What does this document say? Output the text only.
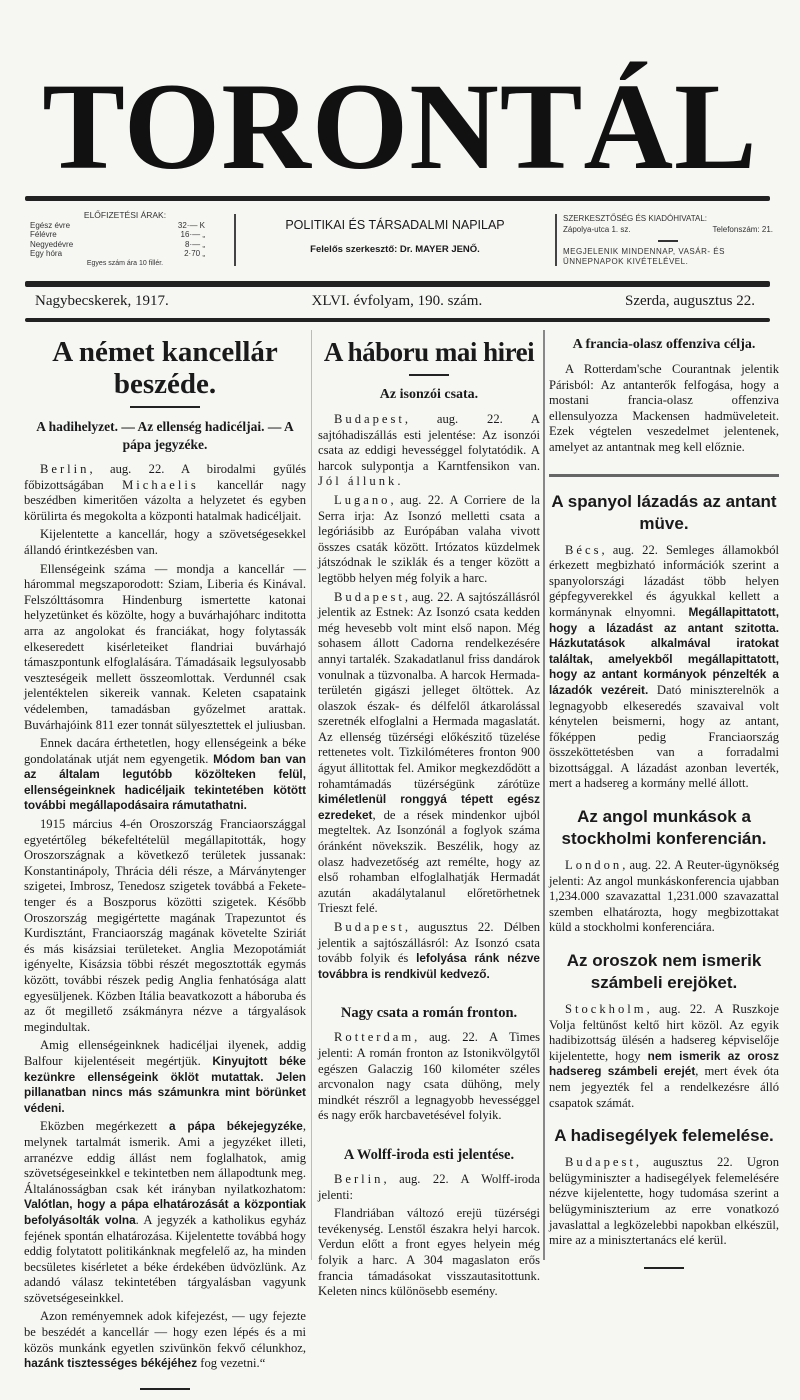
TORONTÁL
ELŐFIZETÉSI ÁRAK:
Egész évre	32·— K
Félévre	16·— „
Negyedévre	8·— „
Egy hóra	2·70 „
Egyes szám ára 10 fillér.
POLITIKAI ÉS TÁRSADALMI NAPILAP
Felelős szerkesztő: Dr. MAYER JENŐ.
SZERKESZTŐSÉG ÉS KIADÓHIVATAL:
Zápolya-utca 1. sz.	Telefonszám: 21.
MEGJELENIK MINDENNAP, VASÁR- ÉS ÜNNEPNAPOK KIVÉTELÉVEL.
Nagybecskerek, 1917.	XLVI. évfolyam, 190. szám.	Szerda, augusztus 22.
A német kancellár beszéde.
A hadihelyzet. — Az ellenség hadicéljai. — A pápa jegyzéke.

Berlin, aug. 22. A birodalmi gyűlés főbizottságában Michaelis kancellár nagy beszédben kimeritően vázolta a helyzetet és egyben körülirta és megokolta a központi hatalmak hadicéljait.

Kijelentette a kancellár, hogy a szövetségesekkel állandó érintkezésben van.

Ellenségeink száma — mondja a kancellár — hárommal megszaporodott: Sziam, Liberia és Kinával. Felszólttásomra Hindenburg ismertette katonai helyzetünket és közölte, hogy a buvárhajóharc inditotta arra az angolokat és franciákat, hogy folytassák elkeseredett kisérleteiket flandriai buvárhajó támaszpontunk elfoglalására. Támadásaik legsulyosabb veszteségeik mellett összeomlottak. Verdunnél csak jelentéktelen sikereik vannak. Keleten csapataink védelemben, tamadásban győzelmet arattak. Buvárhajóink 811 ezer tonnát sülyesztettek el juliusban.

Ennek dacára érthetetlen, hogy ellenségeink a béke gondolatának utját nem egyengetik. Módom ban van az általam legutóbb közölteken felül, ellenségeinknek hadicéljaik tekintetében kötött további megállapodásaira rámutathatni.

1915 március 4-én Oroszország Franciaországgal egyetértőleg békefeltételül megállapitották, hogy Oroszországnak a következő területek jussanak: Konstantinápoly, Thrácia déli része, a Márványtenger szigetei, Imbrosz, Tenedosz szigetek továbbá a Fekete-tenger és a Boszporus közötti szigetek. Később Oroszország megigértette magának Trapezuntot és Kurdisztánt, Franciaország magának követelte Sziriát és más kisázsiai területeket. Anglia Mezopotámiát igényelte, Kisázsia többi részét megosztották egymás között, további részek pedig Anglia fenhatósága alatt egyesüljenek. Közben Itália beavatkozott a háboruba és az őt megillető zsákmányra nézve a tárgyalások megindultak.

Amig ellenségeinknek hadicéljai ilyenek, addig Balfour kijelentéseit megértjük. Kinyujtott béke kezünkre ellenségeink öklöt mutattak. Jelen pillanatban nincs más számunkra mint börünket védeni.

Eközben megérkezett a pápa békejegyzéke, melynek tartalmát ismerik. Ami a jegyzéket illeti, arranézve eddig állást nem foglalhatok, amig szövetségeseinkkel e tekintetben nem állapodtunk meg. Általánosságban csak két irányban nyilatkozhatom: Valótlan, hogy a pápa elhatározását a központiak befolyásolták volna. A jegyzék a katholikus egyház fejének spontán elhatározása. Kijelentette továbbá hogy eddig folytatott politikánknak megfelelő az, ha minden becsületes kisérletet a béke érdekében üdvözlünk. Az adandó válasz tekintetében tárgyalásban vagyunk szövetségeseinkkel.

Azon reményemnek adok kifejezést, — ugy fejezte be beszédét a kancellár — hogy ezen lépés és a mi közös munkánk egyetlen szivünkön fekvő célunkhoz, hazánk tisztességes békéjéhez fog vezetni.“

A háboru mai hirei
Az isonzói csata.

Budapest, aug. 22. A sajtóhadiszállás esti jelentése: Az isonzói csata az eddigi hevességgel folytatódik. A harcok sulypontja a Karntfensikon van. Jól állunk.

Lugano, aug. 22. A Corriere de la Serra irja: Az Isonzó melletti csata a legóriásibb az Európában valaha vivott összes csaták között. Irtózatos küzdelmek játszódnak le sziklák és a tenger között a legtöbb helyen még folyik a harc.

Budapest, aug. 22. A sajtószállásról jelentik az Estnek: Az Isonzó csata kedden még hevesebb volt mint első napon. Még sohasem állott Cadorna rendelkezésére annyi tartalék. Szakadatlanul friss dandárok vonulnak a tüzvonalba. A harcok Hermada-területén gigászi jelleget öltöttek. Az olaszok észak- és délfelől átkarolással szeretnék elfoglalni a Hermada magaslatát. Az ellenség tüzérségi előkészitő tüzelése rettenetes volt. Tizkilóméteres fronton 900 ágyut állitottak fel. Amikor megkezdődött a rohamtámadás tüzérségünk zárótüze kiméletlenül ronggyá tépett egész ezredeket, de a rések mindenkor ujból megteltek. Az Isonzónál a foglyok száma óránként növekszik. Beszélik, hogy az olasz hadvezetőség azt remélte, hogy az első rohamban elfoglalhatják Hermadát azután akadálytalanul előretörhetnek Trieszt felé.

Budapest, augusztus 22. Délben jelentik a sajtószállásról: Az Isonzó csata tovább folyik és lefolyása ránk nézve továbbra is rendkivül kedvező.

Nagy csata a román fronton.

Rotterdam, aug. 22. A Times jelenti: A román fronton az Istonikvölgytől egészen Galaczig 160 kilométer széles arcvonalon nagy csata dühöng, mely mindkét részről a legnagyobb hevességgel és nagy erők harcbavetésével folyik.

A Wolff-iroda esti jelentése.

Berlin, aug. 22. A Wolff-iroda jelenti:

Flandriában változó erejü tüzérségi tevékenység. Lenstől északra helyi harcok. Verdun előtt a front egyes helyein még folyik a harc. A 304 magaslaton erős francia támadásokat visszautasitottunk. Keleten nincs különösebb esemény.

A francia-olasz offenziva célja.

A Rotterdam'sche Courantnak jelentik Párisból: Az antanterők felfogása, hogy a mostani francia-olasz offenziva ellensulyozza Mackensen hadmüveleteit. Ezek végtelen veszedelmet jelentenek, amelyet az antantnak meg kell előznie.

A spanyol lázadás az antant müve.

Bécs, aug. 22. Semleges államokból érkezett megbizható információk szerint a spanyolországi lázadást több helyen gépfegyverekkel és ágyukkal kellett a kormánynak elnyomni. Megállapittatott, hogy a lázadást az antant szitotta. Házkutatások alkalmával iratokat találtak, amelyekből megállapittatott, hogy az antant kormányok pénzelték a lázadók vezéreit. Dató miniszterelnök a legnagyobb elkeseredés szavaival volt kénytelen beismerni, hogy az antant, főképpen pedig Franciaország összeköttetésben van a forradalmi bizottsággal. A lázadást azonban leverték, mert a hadsereg a kormány mellé állott.

Az angol munkások a stockholmi konferencián.

London, aug. 22. A Reuter-ügynökség jelenti: Az angol munkáskonferencia ujabban 1,234.000 szavazattal 1,231.000 szavazattal szemben elhatározta, hogy megbizottakat küld a stockholmi konferenciára.

Az oroszok nem ismerik számbeli erejöket.

Stockholm, aug. 22. A Ruszkoje Volja feltünőst keltő hirt közöl. Az egyik hadibizottság ülésén a hadsereg képviselője kijelentette, hogy nem ismerik az orosz hadsereg számbeli erejét, mert évek óta nem jegyezték fel a rendelkezésre álló csapatok számát.

A hadisegélyek felemelése.

Budapest, augusztus 22. Ugron belügyminiszter a hadisegélyek felemelésére nézve kijelentette, hogy tudomása szerint a belügyminiszterium az erre vonatkozó javaslattal a legközelebbi napokban elkészül, mire az a minisztertanács elé kerül.
